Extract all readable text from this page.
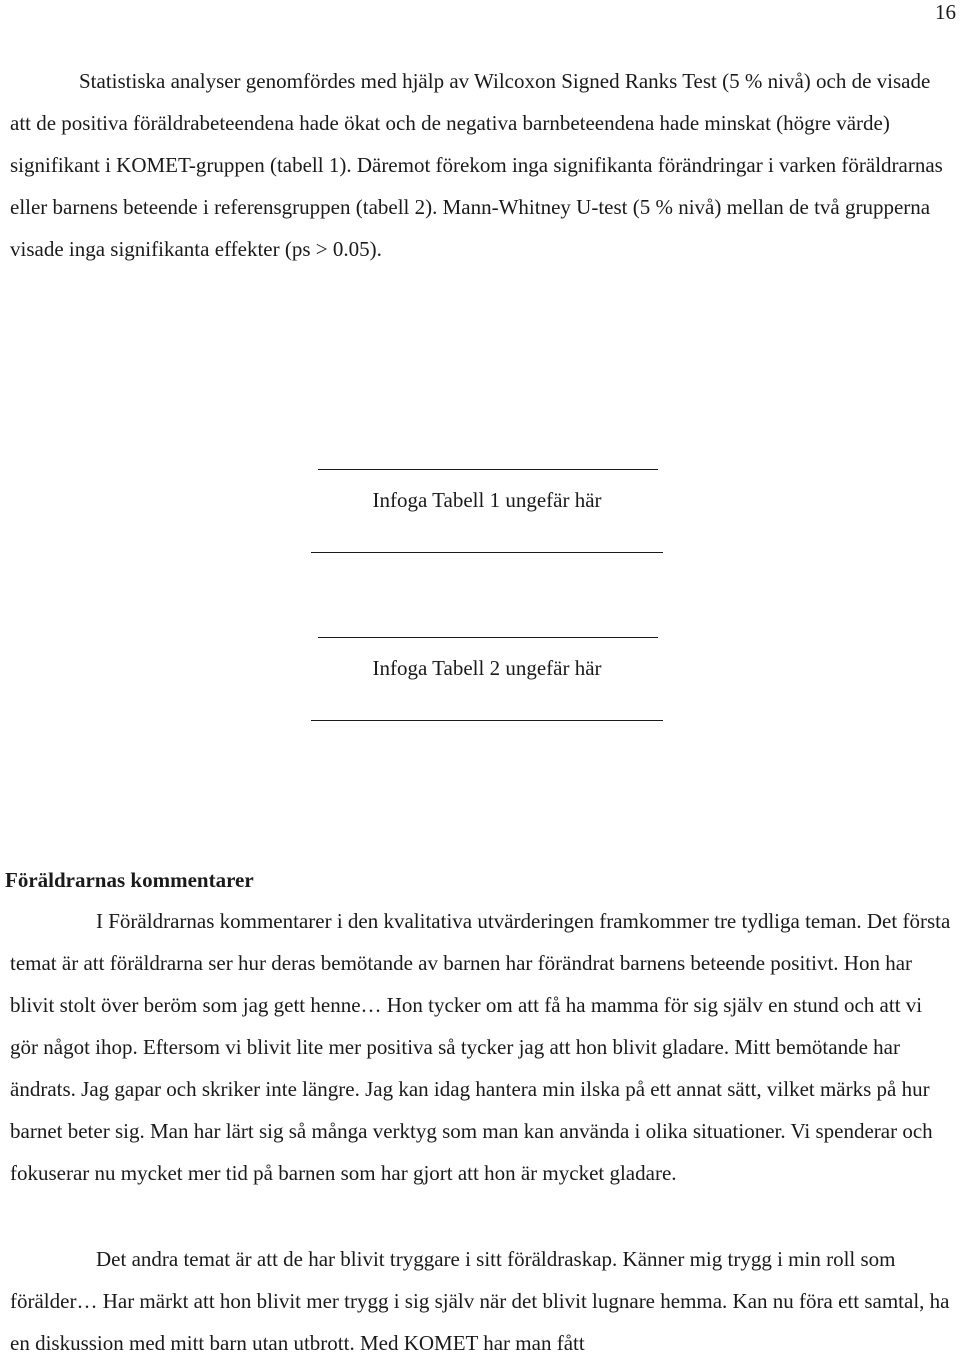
16

Statistiska analyser genomfördes med hjälp av Wilcoxon Signed Ranks Test (5 % nivå) och de visade att de positiva föräldrabeteendena hade ökat och de negativa barnbeteendena hade minskat (högre värde) signifikant i KOMET-gruppen (tabell 1). Däremot förekom inga signifikanta förändringar i varken föräldrarnas eller barnens beteende i referensgruppen (tabell 2). Mann-Whitney U-test (5 % nivå) mellan de två grupperna visade inga signifikanta effekter (ps > 0.05).

Infoga Tabell 1 ungefär här
Infoga Tabell 2 ungefär här
Föräldrarnas kommentarer

I Föräldrarnas kommentarer i den kvalitativa utvärderingen framkommer tre tydliga teman. Det första temat är att föräldrarna ser hur deras bemötande av barnen har förändrat barnens beteende positivt. Hon har blivit stolt över beröm som jag gett henne… Hon tycker om att få ha mamma för sig själv en stund och att vi gör något ihop. Eftersom vi blivit lite mer positiva så tycker jag att hon blivit gladare. Mitt bemötande har ändrats. Jag gapar och skriker inte längre. Jag kan idag hantera min ilska på ett annat sätt, vilket märks på hur barnet beter sig. Man har lärt sig så många verktyg som man kan använda i olika situationer. Vi spenderar och fokuserar nu mycket mer tid på barnen som har gjort att hon är mycket gladare.

Det andra temat är att de har blivit tryggare i sitt föräldraskap. Känner mig trygg i min roll som förälder… Har märkt att hon blivit mer trygg i sig själv när det blivit lugnare hemma. Kan nu föra ett samtal, ha en diskussion med mitt barn utan utbrott. Med KOMET har man fått
